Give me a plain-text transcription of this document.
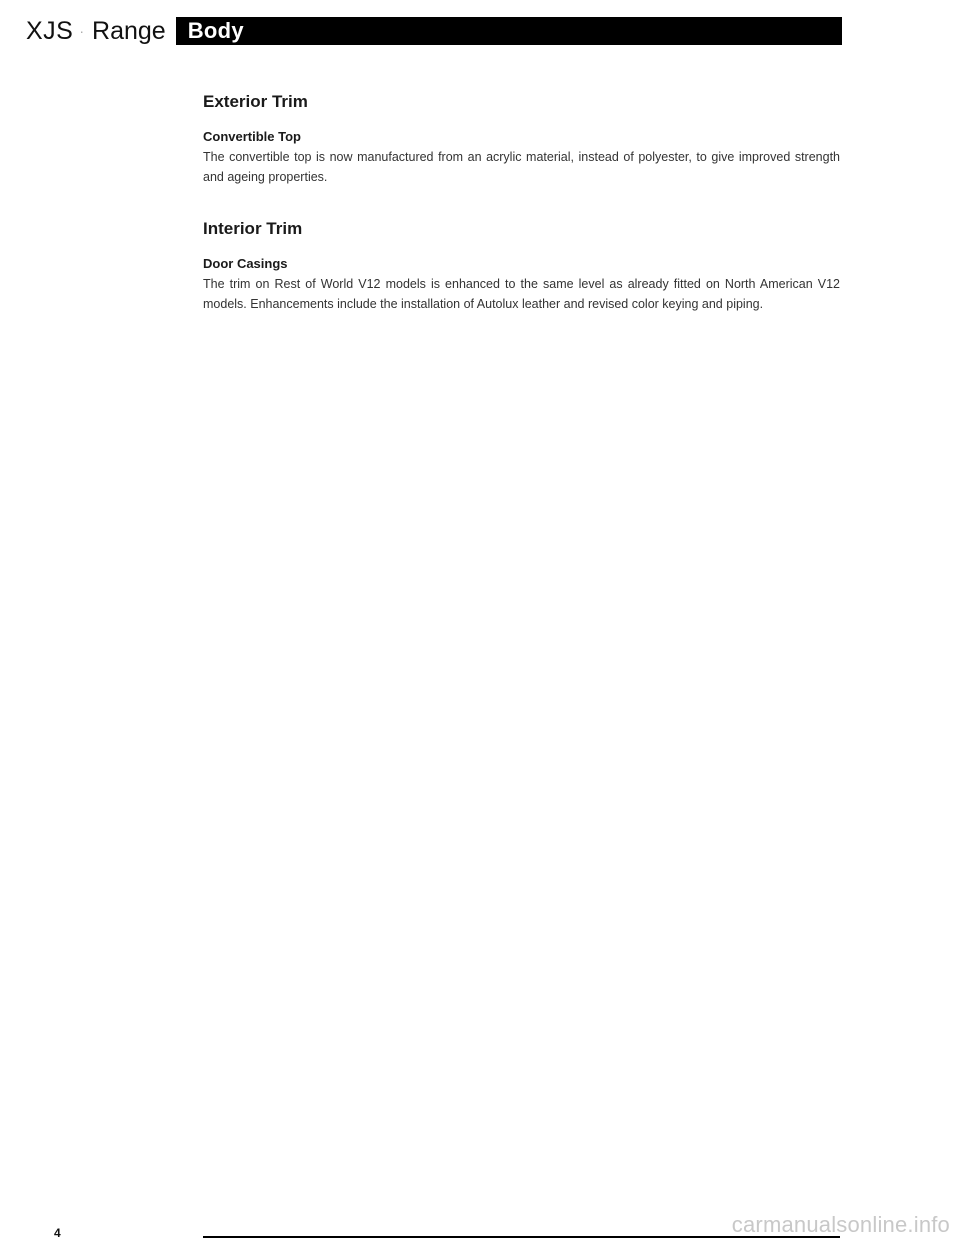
XJS · Range Body
Exterior Trim
Convertible Top

The convertible top is now manufactured from an acrylic material, instead of polyester, to give improved strength and ageing properties.

Interior Trim
Door Casings

The trim on Rest of World V12 models is enhanced to the same level as already fitted on North American V12 models. Enhancements include the installation of Autolux leather and revised color keying and piping.

4	carmanualsonline.info
